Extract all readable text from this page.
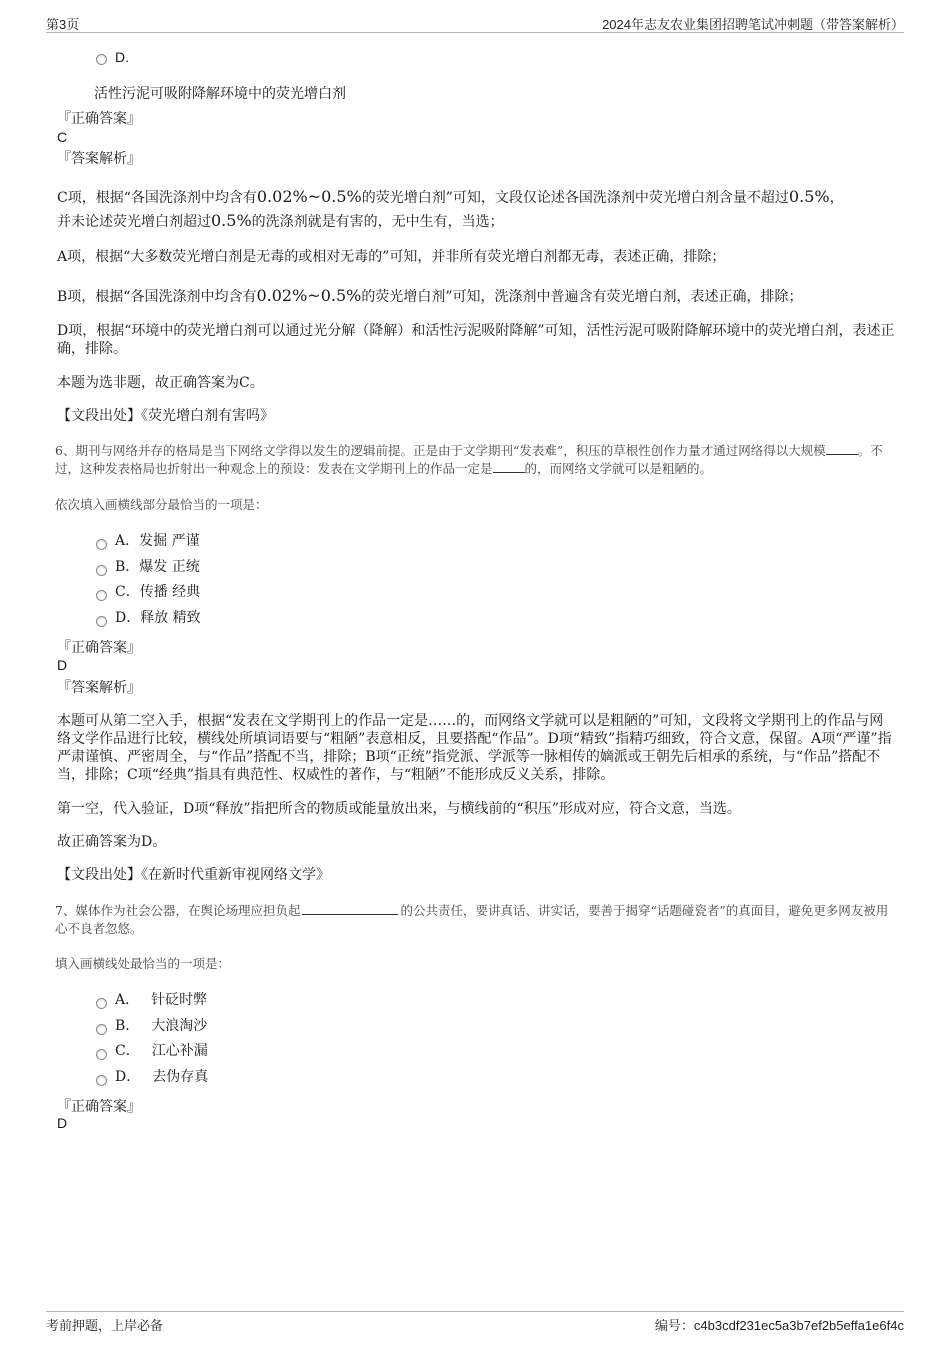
第3页	2024年志友农业集团招聘笔试冲刺题（带答案解析）
D.
活性污泥可吸附降解环境中的荧光增白剂
『正确答案』
C
『答案解析』
C项，根据“各国洗涤剂中均含有0.02%~0.5%的荧光增白剂”可知，文段仅论述各国洗涤剂中荧光增白剂含量不超过0.5%，
并未论述荧光增白剂超过0.5%的洗涤剂就是有害的，无中生有，当选；
A项，根据“大多数荧光增白剂是无毒的或相对无毒的”可知，并非所有荧光增白剂都无毒，表述正确，排除；
B项，根据“各国洗涤剂中均含有0.02%~0.5%的荧光增白剂”可知，洗涤剂中普遍含有荧光增白剂，表述正确，排除；
D项，根据“环境中的荧光增白剂可以通过光分解（降解）和活性污泥吸附降解”可知，活性污泥可吸附降解环境中的荧光增白剂，表述正确，排除。
本题为选非题，故正确答案为C。
【文段出处】《荧光增白剂有害吗》
6、期刊与网络并存的格局是当下网络文学得以发生的逻辑前提。正是由于文学期刊“发表难”，积压的草根性创作力量才通过网络得以大规模	。不过，这种发表格局也折射出一种观念上的预设：发表在文学期刊上的作品一定是	的，而网络文学就可以是粗陋的。
依次填入画横线部分最恰当的一项是：
A．发掘 严谨
B．爆发 正统
C．传播 经典
D．释放 精致
『正确答案』
D
『答案解析』
本题可从第二空入手，根据“发表在文学期刊上的作品一定是……的，而网络文学就可以是粗陋的”可知，文段将文学期刊上的作品与网络文学作品进行比较，横线处所填词语要与“粗陋”表意相反，且要搭配“作品”。D项“精致”指精巧细致，符合文意，保留。A项“严谨”指严肃谨慎、严密周全，与“作品”搭配不当，排除；B项“正统”指党派、学派等一脉相传的嫡派或王朝先后相承的系统，与“作品”搭配不当，排除；C项“经典”指具有典范性、权威性的著作，与“粗陋”不能形成反义关系，排除。
第一空，代入验证，D项“释放”指把所含的物质或能量放出来，与横线前的“积压”形成对应，符合文意，当选。
故正确答案为D。
【文段出处】《在新时代重新审视网络文学》
7、媒体作为社会公器，在舆论场理应担负起	的公共责任，要讲真话、讲实话，要善于揭穿“话题碰瓷者”的真面目，避免更多网友被用心不良者忽悠。
填入画横线处最恰当的一项是：
A． 针砭时弊
B． 大浪淘沙
C． 江心补漏
D． 去伪存真
『正确答案』
D
考前押题，上岸必备	编号：c4b3cdf231ec5a3b7ef2b5effa1e6f4c
